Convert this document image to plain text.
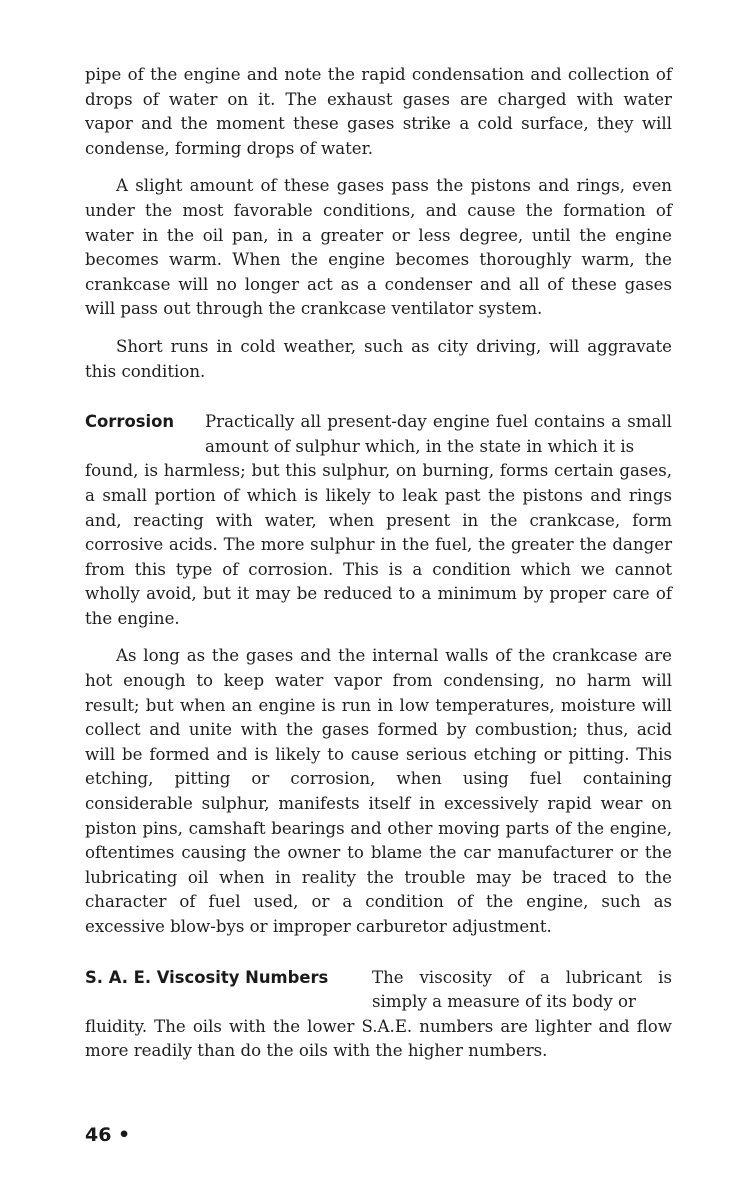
pipe of the engine and note the rapid condensation and collection of drops of water on it. The exhaust gases are charged with water vapor and the moment these gases strike a cold surface, they will condense, forming drops of water.

A slight amount of these gases pass the pistons and rings, even under the most favorable conditions, and cause the formation of water in the oil pan, in a greater or less degree, until the engine becomes warm. When the engine becomes thoroughly warm, the crankcase will no longer act as a condenser and all of these gases will pass out through the crankcase ventilator system.

Short runs in cold weather, such as city driving, will aggravate this condition.

Corrosion	Practically all present-day engine fuel contains a small amount of sulphur which, in the state in which it is

found, is harmless; but this sulphur, on burning, forms certain gases, a small portion of which is likely to leak past the pistons and rings and, reacting with water, when present in the crankcase, form corrosive acids. The more sulphur in the fuel, the greater the danger from this type of corrosion. This is a condition which we cannot wholly avoid, but it may be reduced to a minimum by proper care of the engine.

As long as the gases and the internal walls of the crankcase are hot enough to keep water vapor from condensing, no harm will result; but when an engine is run in low temperatures, moisture will collect and unite with the gases formed by combustion; thus, acid will be formed and is likely to cause serious etching or pitting. This etching, pitting or corrosion, when using fuel containing considerable sulphur, manifests itself in excessively rapid wear on piston pins, camshaft bearings and other moving parts of the engine, oftentimes causing the owner to blame the car manufacturer or the lubricating oil when in reality the trouble may be traced to the character of fuel used, or a condition of the engine, such as excessive blow-bys or improper carburetor adjustment.

S. A. E. Viscosity Numbers	The viscosity of a lubricant is simply a measure of its body or

fluidity. The oils with the lower S.A.E. numbers are lighter and flow more readily than do the oils with the higher numbers.

46 •
